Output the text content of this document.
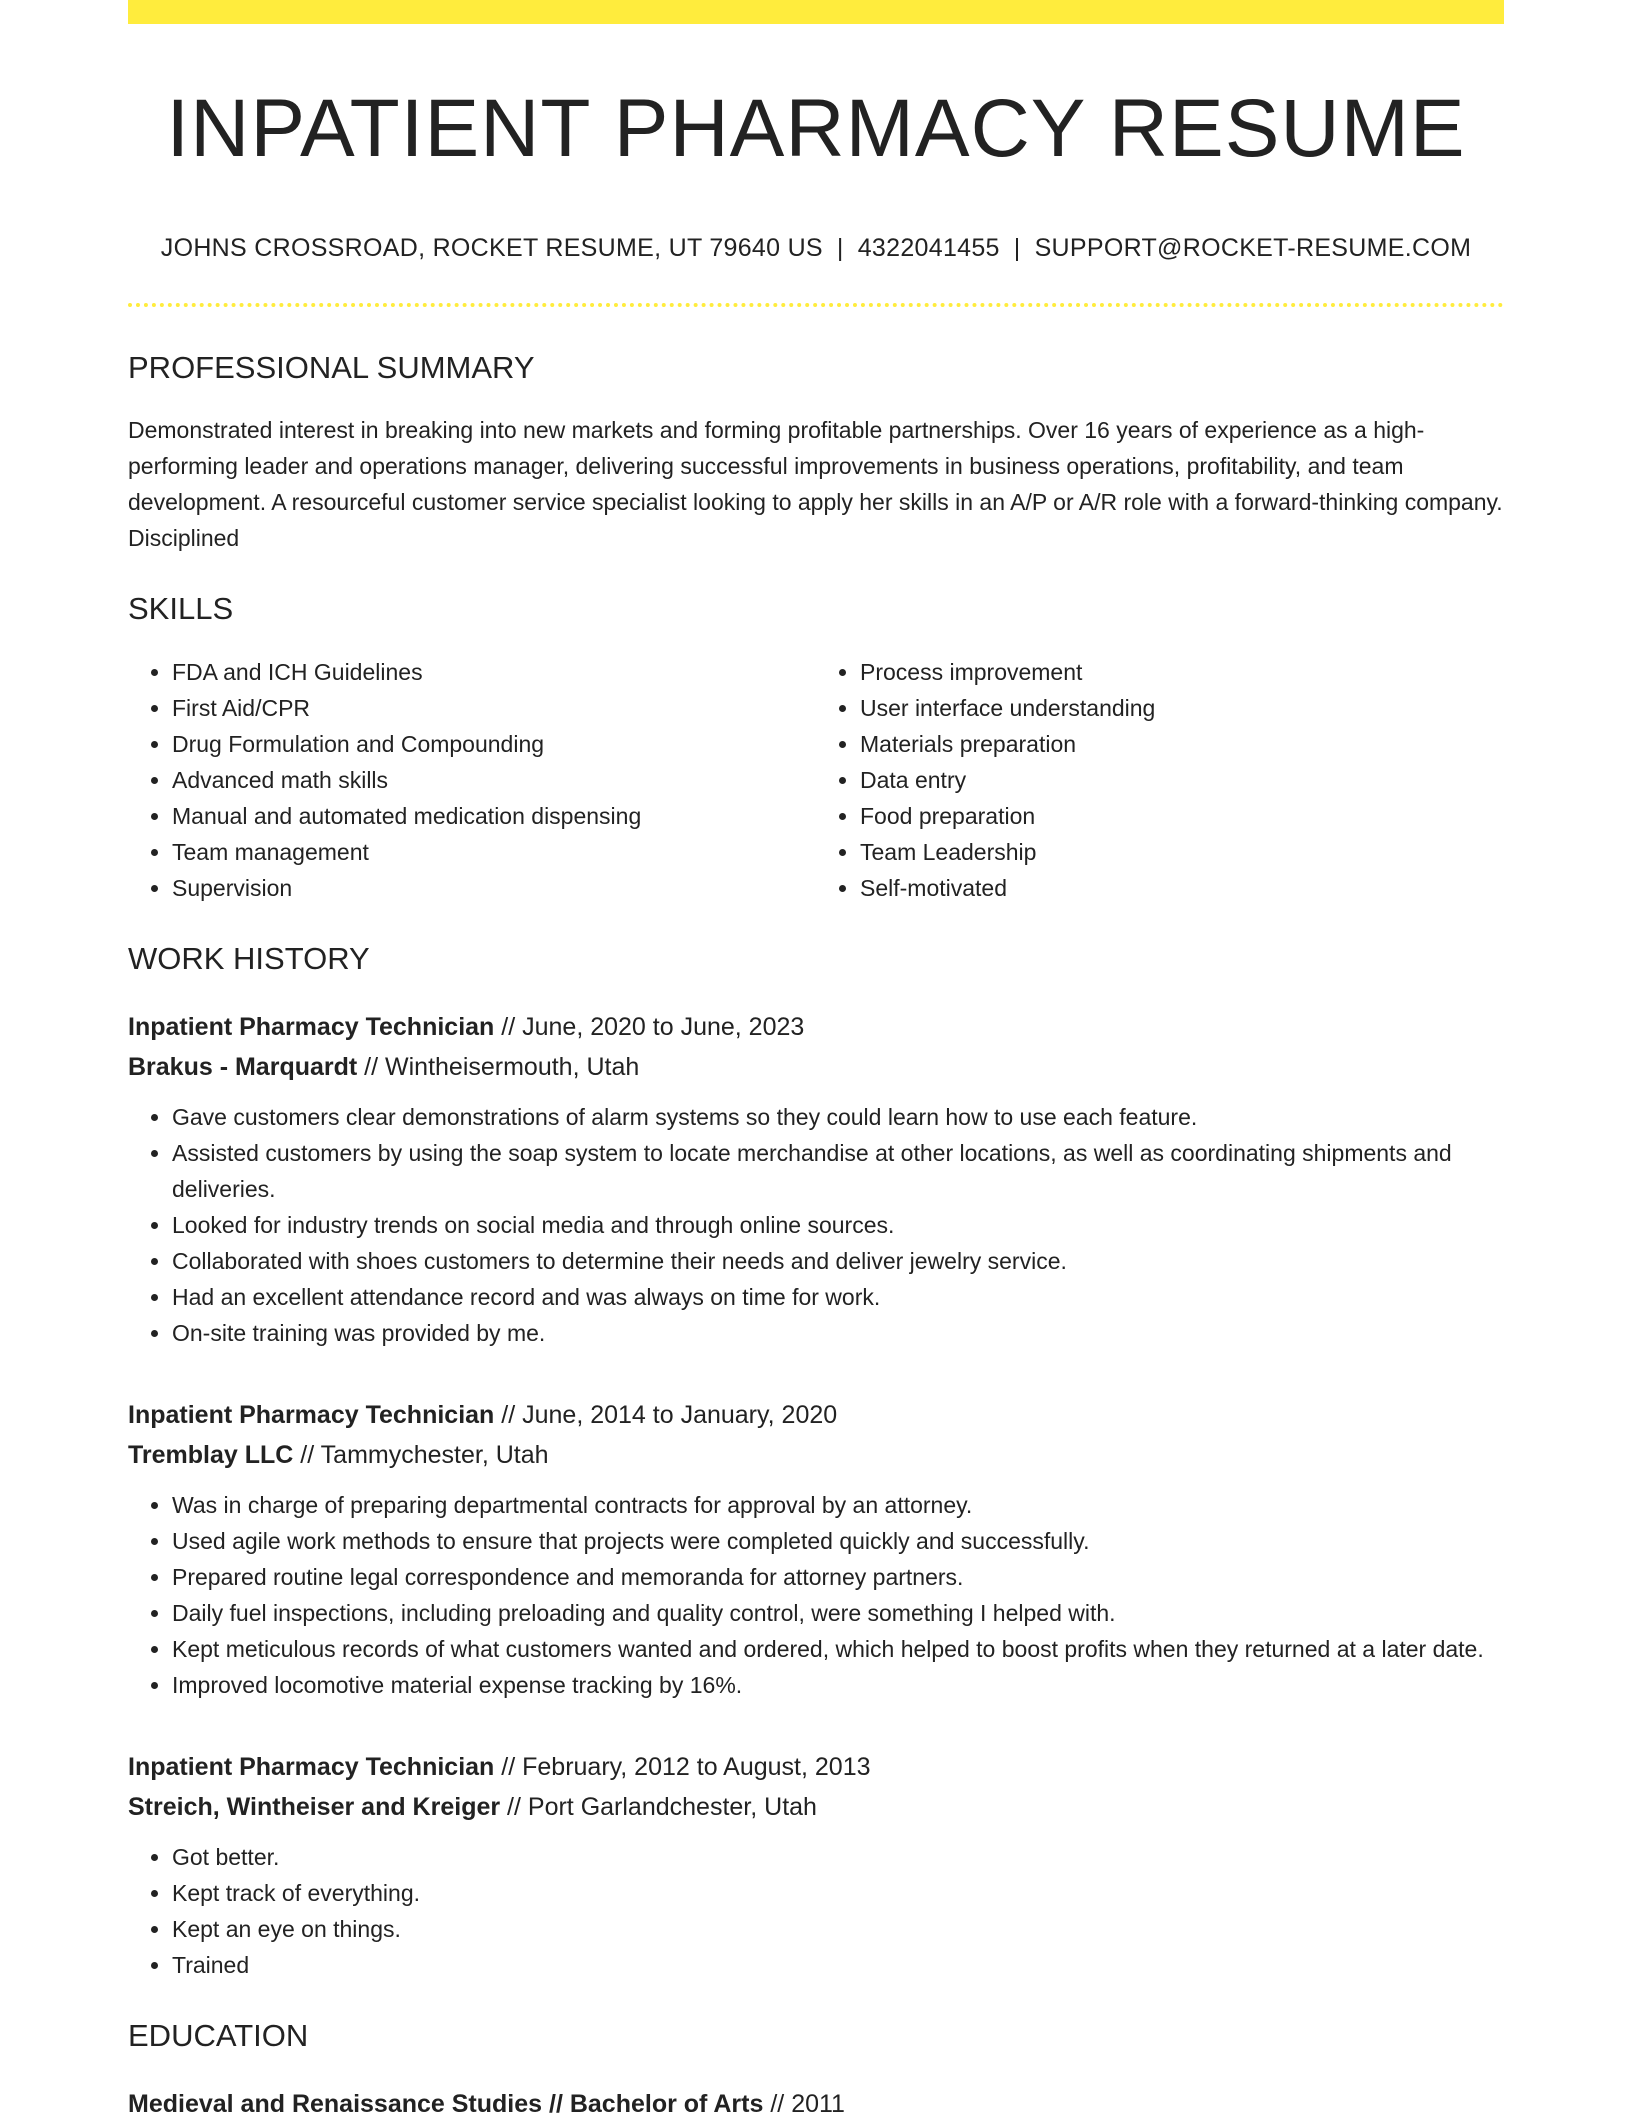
INPATIENT PHARMACY RESUME
JOHNS CROSSROAD, ROCKET RESUME, UT 79640 US | 4322041455 | SUPPORT@ROCKET-RESUME.COM
PROFESSIONAL SUMMARY
Demonstrated interest in breaking into new markets and forming profitable partnerships. Over 16 years of experience as a high-performing leader and operations manager, delivering successful improvements in business operations, profitability, and team development. A resourceful customer service specialist looking to apply her skills in an A/P or A/R role with a forward-thinking company. Disciplined
SKILLS
• FDA and ICH Guidelines
• First Aid/CPR
• Drug Formulation and Compounding
• Advanced math skills
• Manual and automated medication dispensing
• Team management
• Supervision
• Process improvement
• User interface understanding
• Materials preparation
• Data entry
• Food preparation
• Team Leadership
• Self-motivated
WORK HISTORY
Inpatient Pharmacy Technician // June, 2020 to June, 2023
Brakus - Marquardt // Wintheisermouth, Utah
• Gave customers clear demonstrations of alarm systems so they could learn how to use each feature.
• Assisted customers by using the soap system to locate merchandise at other locations, as well as coordinating shipments and deliveries.
• Looked for industry trends on social media and through online sources.
• Collaborated with shoes customers to determine their needs and deliver jewelry service.
• Had an excellent attendance record and was always on time for work.
• On-site training was provided by me.
Inpatient Pharmacy Technician // June, 2014 to January, 2020
Tremblay LLC // Tammychester, Utah
• Was in charge of preparing departmental contracts for approval by an attorney.
• Used agile work methods to ensure that projects were completed quickly and successfully.
• Prepared routine legal correspondence and memoranda for attorney partners.
• Daily fuel inspections, including preloading and quality control, were something I helped with.
• Kept meticulous records of what customers wanted and ordered, which helped to boost profits when they returned at a later date.
• Improved locomotive material expense tracking by 16%.
Inpatient Pharmacy Technician // February, 2012 to August, 2013
Streich, Wintheiser and Kreiger // Port Garlandchester, Utah
• Got better.
• Kept track of everything.
• Kept an eye on things.
• Trained
EDUCATION
Medieval and Renaissance Studies // Bachelor of Arts // 2011
